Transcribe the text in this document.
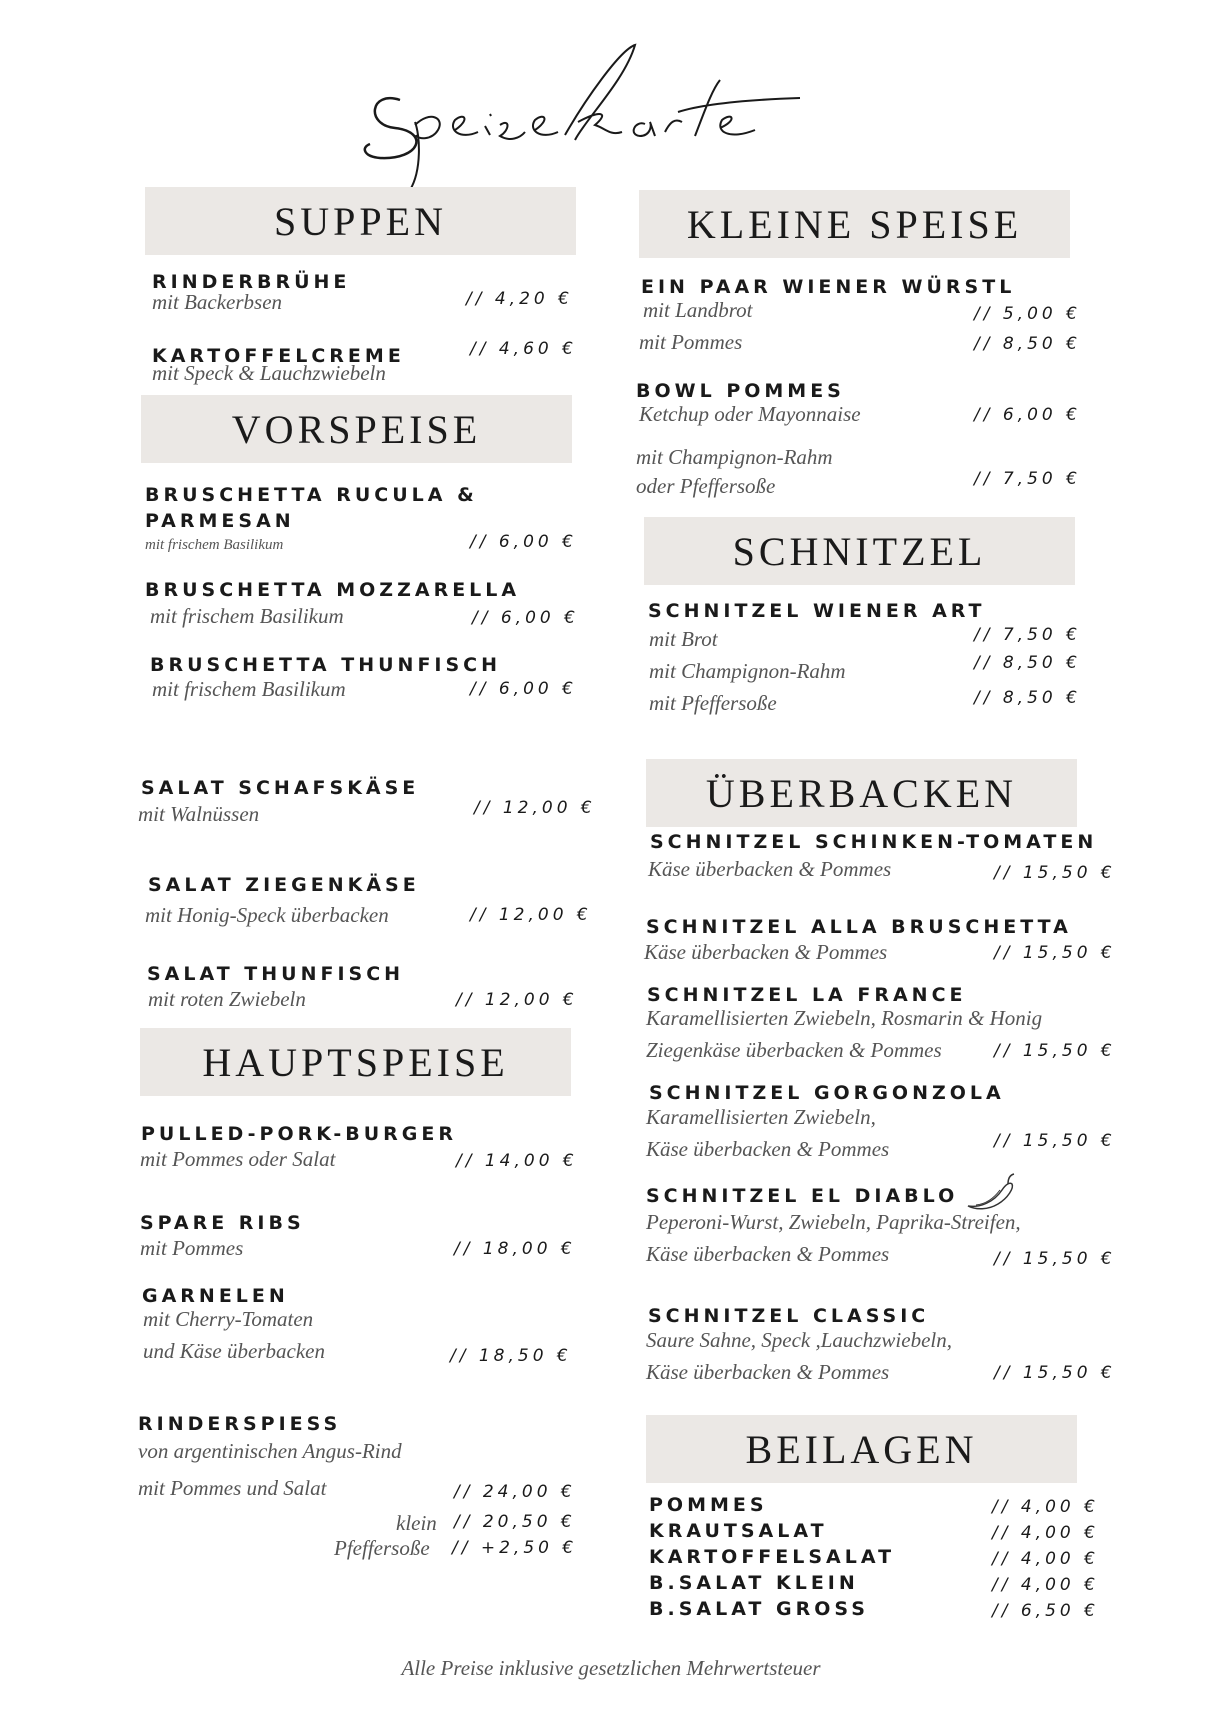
SUPPEN
RINDERBRÜHE
mit Backerbsen	// 4,20 €
KARTOFFELCREME
mit Speck & Lauchzwiebeln
// 4,60 €
VORSPEISE
BRUSCHETTA RUCULA &
PARMESAN
mit frischem Basilikum	// 6,00 €
BRUSCHETTA MOZZARELLA
mit frischem Basilikum	// 6,00 €
BRUSCHETTA THUNFISCH
mit frischem Basilikum	// 6,00 €
SALAT SCHAFSKÄSE
mit Walnüssen	// 12,00 €
SALAT ZIEGENKÄSE
mit Honig-Speck überbacken	// 12,00 €
SALAT THUNFISCH
mit roten Zwiebeln	// 12,00 €
HAUPTSPEISE
PULLED-PORK-BURGER
mit Pommes oder Salat	// 14,00 €
SPARE RIBS
mit Pommes	// 18,00 €
GARNELEN
mit Cherry-Tomaten
und Käse überbacken	// 18,50 €
RINDERSPIESS
von argentinischen Angus-Rind
mit Pommes und Salat	// 24,00 €
klein // 20,50 €
Pfeffersoße // +2,50 €
KLEINE SPEISE
EIN PAAR WIENER WÜRSTL
mit Landbrot	// 5,00 €
mit Pommes	// 8,50 €
BOWL POMMES
Ketchup oder Mayonnaise	// 6,00 €
mit Champignon-Rahm
oder Pfeffersoße	// 7,50 €
SCHNITZEL
SCHNITZEL WIENER ART
mit Brot	// 7,50 €
mit Champignon-Rahm	// 8,50 €
mit Pfeffersoße	// 8,50 €
ÜBERBACKEN
SCHNITZEL SCHINKEN-TOMATEN
Käse überbacken & Pommes	// 15,50 €
SCHNITZEL ALLA BRUSCHETTA
Käse überbacken & Pommes	// 15,50 €
SCHNITZEL LA FRANCE
Karamellisierten Zwiebeln, Rosmarin & Honig
Ziegenkäse überbacken & Pommes	// 15,50 €
SCHNITZEL GORGONZOLA
Karamellisierten Zwiebeln,
Käse überbacken & Pommes	// 15,50 €
SCHNITZEL EL DIABLO
Peperoni-Wurst, Zwiebeln, Paprika-Streifen,
Käse überbacken & Pommes	// 15,50 €
SCHNITZEL CLASSIC
Saure Sahne, Speck ,Lauchzwiebeln,
Käse überbacken & Pommes	// 15,50 €
BEILAGEN
POMMES	// 4,00 €
KRAUTSALAT	// 4,00 €
KARTOFFELSALAT	// 4,00 €
B.SALAT KLEIN	// 4,00 €
B.SALAT GROSS	// 6,50 €
Alle Preise inklusive gesetzlichen Mehrwertsteuer
